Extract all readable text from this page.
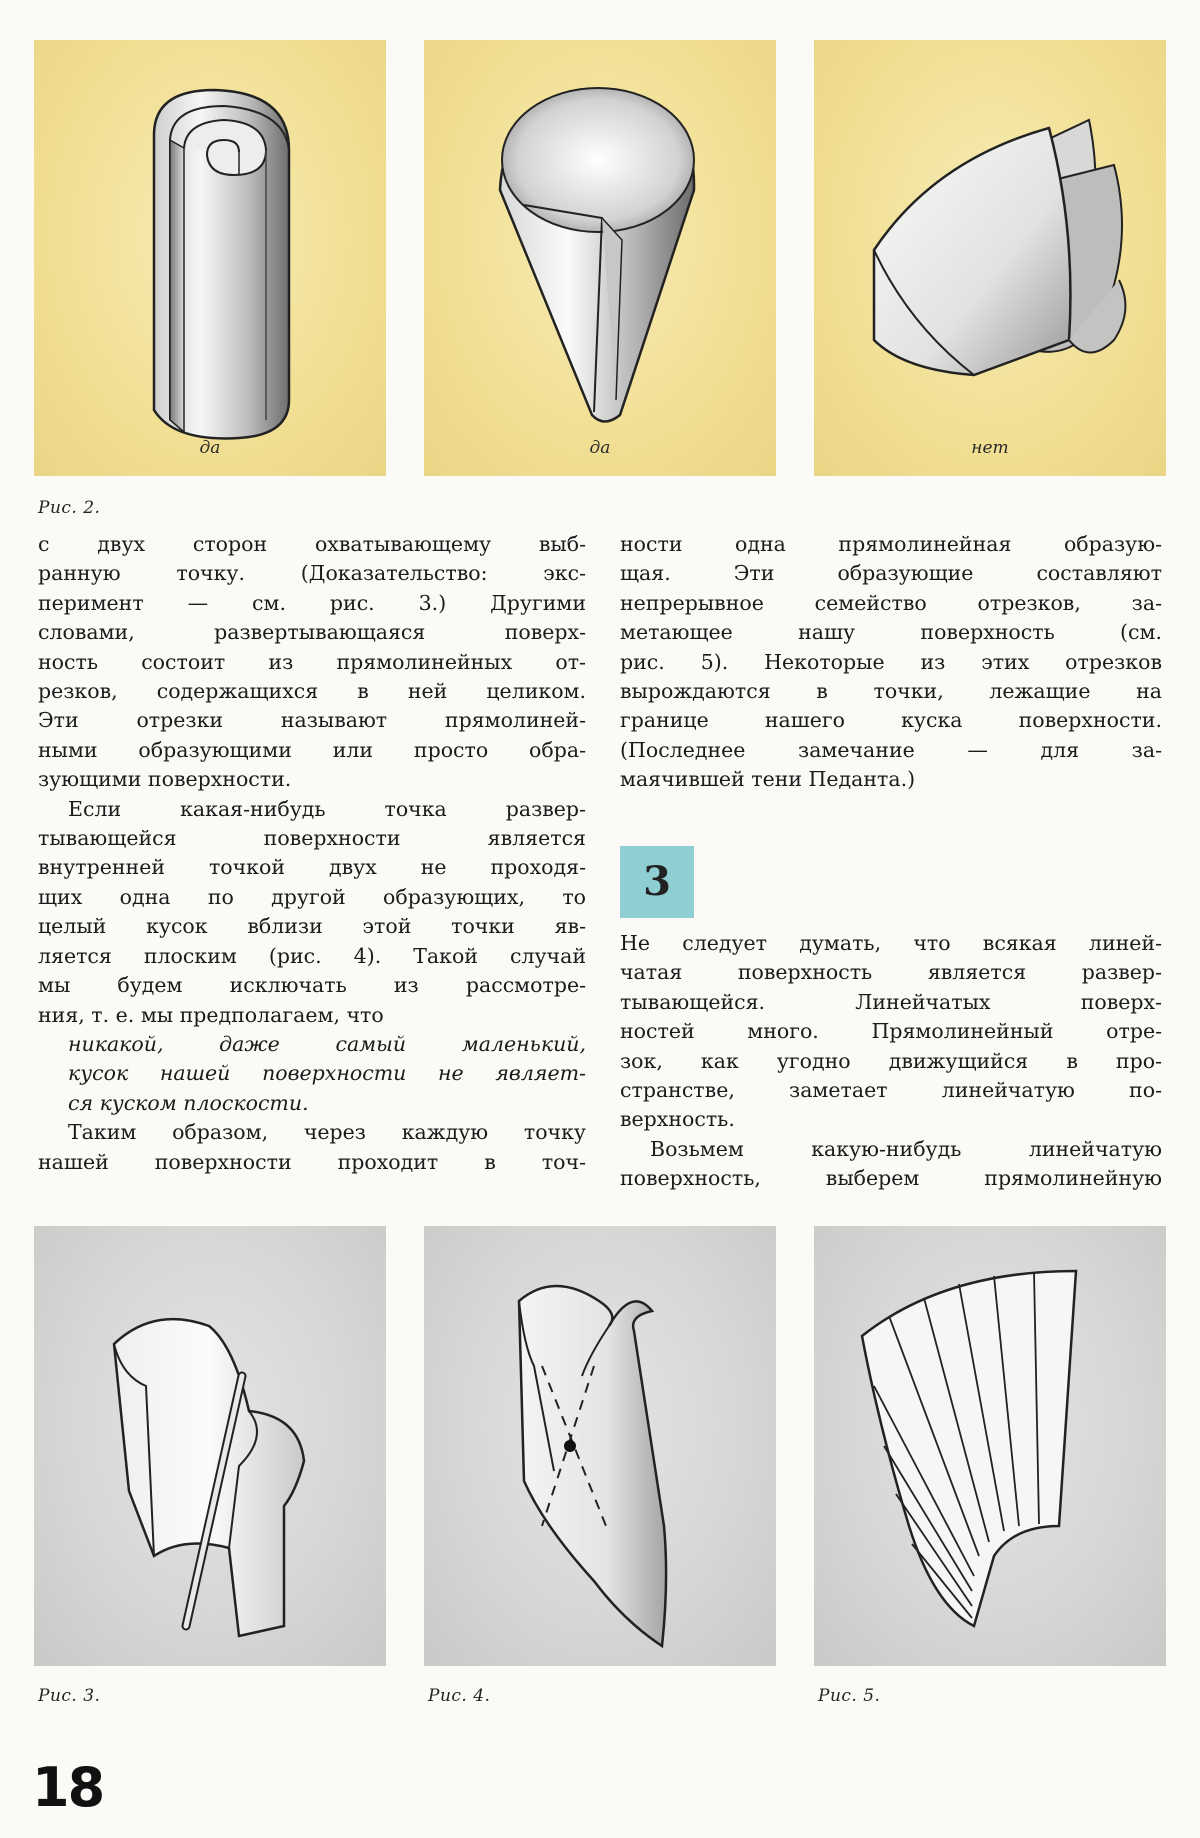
да	да	нет
Рис. 2.

с двух сторон охватывающему выб-

ранную точку. (Доказательство: экс-

перимент — см. рис. 3.) Другими

словами, развертывающаяся поверх-

ность состоит из прямолинейных от-

резков, содержащихся в ней целиком.

Эти отрезки называют прямолиней-

ными образующими или просто обра-

зующими поверхности.

Если какая-нибудь точка развер-

тывающейся поверхности является

внутренней точкой двух не проходя-

щих одна по другой образующих, то

целый кусок вблизи этой точки яв-

ляется плоским (рис. 4). Такой случай

мы будем исключать из рассмотре-

ния, т. е. мы предполагаем, что

никакой, даже самый маленький,

кусок нашей поверхности не являет-

ся куском плоскости.

Таким образом, через каждую точку

нашей поверхности проходит в точ-

ности одна прямолинейная образую-

щая. Эти образующие составляют

непрерывное семейство отрезков, за-

метающее нашу поверхность (см.

рис. 5). Некоторые из этих отрезков

вырождаются в точки, лежащие на

границе нашего куска поверхности.

(Последнее замечание — для за-

маячившей тени Педанта.)

3

Не следует думать, что всякая линей-

чатая поверхность является развер-

тывающейся. Линейчатых поверх-

ностей много. Прямолинейный отре-

зок, как угодно движущийся в про-

странстве, заметает линейчатую по-

верхность.

Возьмем какую-нибудь линейчатую

поверхность, выберем прямолинейную

Рис. 3.	Рис. 4.	Рис. 5.
18
